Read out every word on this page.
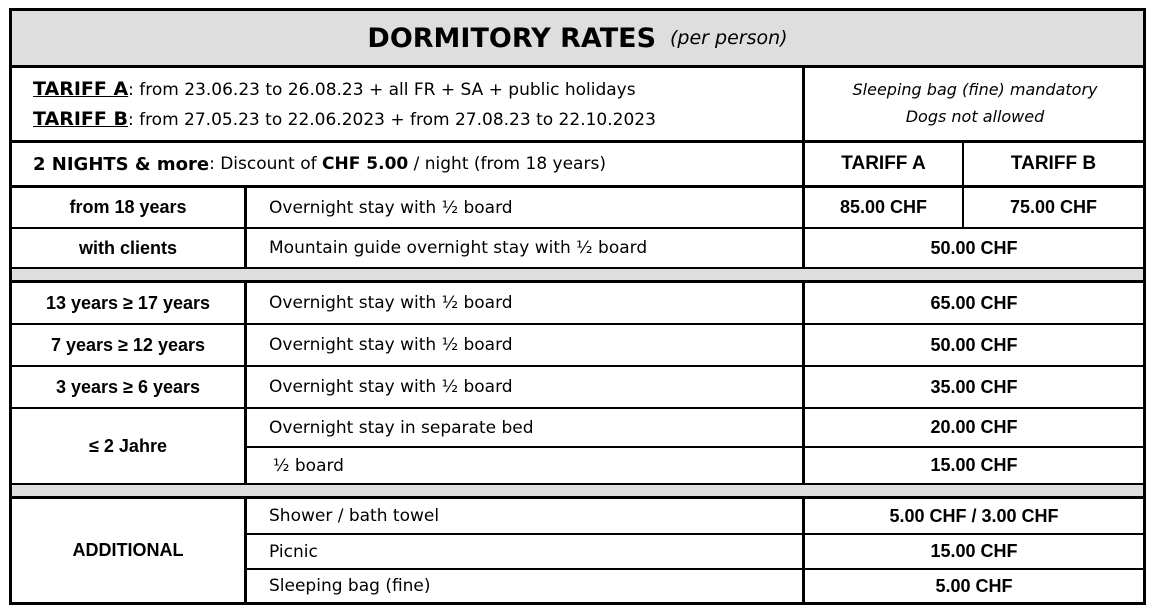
DORMITORY RATES (per person)
TARIFF A: from 23.06.23 to 26.08.23 + all FR + SA + public holidays
TARIFF B: from 27.05.23 to 22.06.2023 + from 27.08.23 to 22.10.2023
Sleeping bag (fine) mandatory
Dogs not allowed
2 NIGHTS & more : Discount of CHF 5.00 / night (from 18 years)	TARIFF A	TARIFF B
from 18 years	Overnight stay with ½ board	85.00 CHF	75.00 CHF
with clients	Mountain guide overnight stay with ½ board	50.00 CHF
13 years ≥ 17 years	Overnight stay with ½ board	65.00 CHF
7 years ≥ 12 years	Overnight stay with ½ board	50.00 CHF
3 years ≥ 6 years	Overnight stay with ½ board	35.00 CHF
≤ 2 Jahre
Overnight stay in separate bed	20.00 CHF
½ board	15.00 CHF
ADDITIONAL
Shower / bath towel	5.00 CHF / 3.00 CHF
Picnic	15.00 CHF
Sleeping bag (fine)	5.00 CHF
